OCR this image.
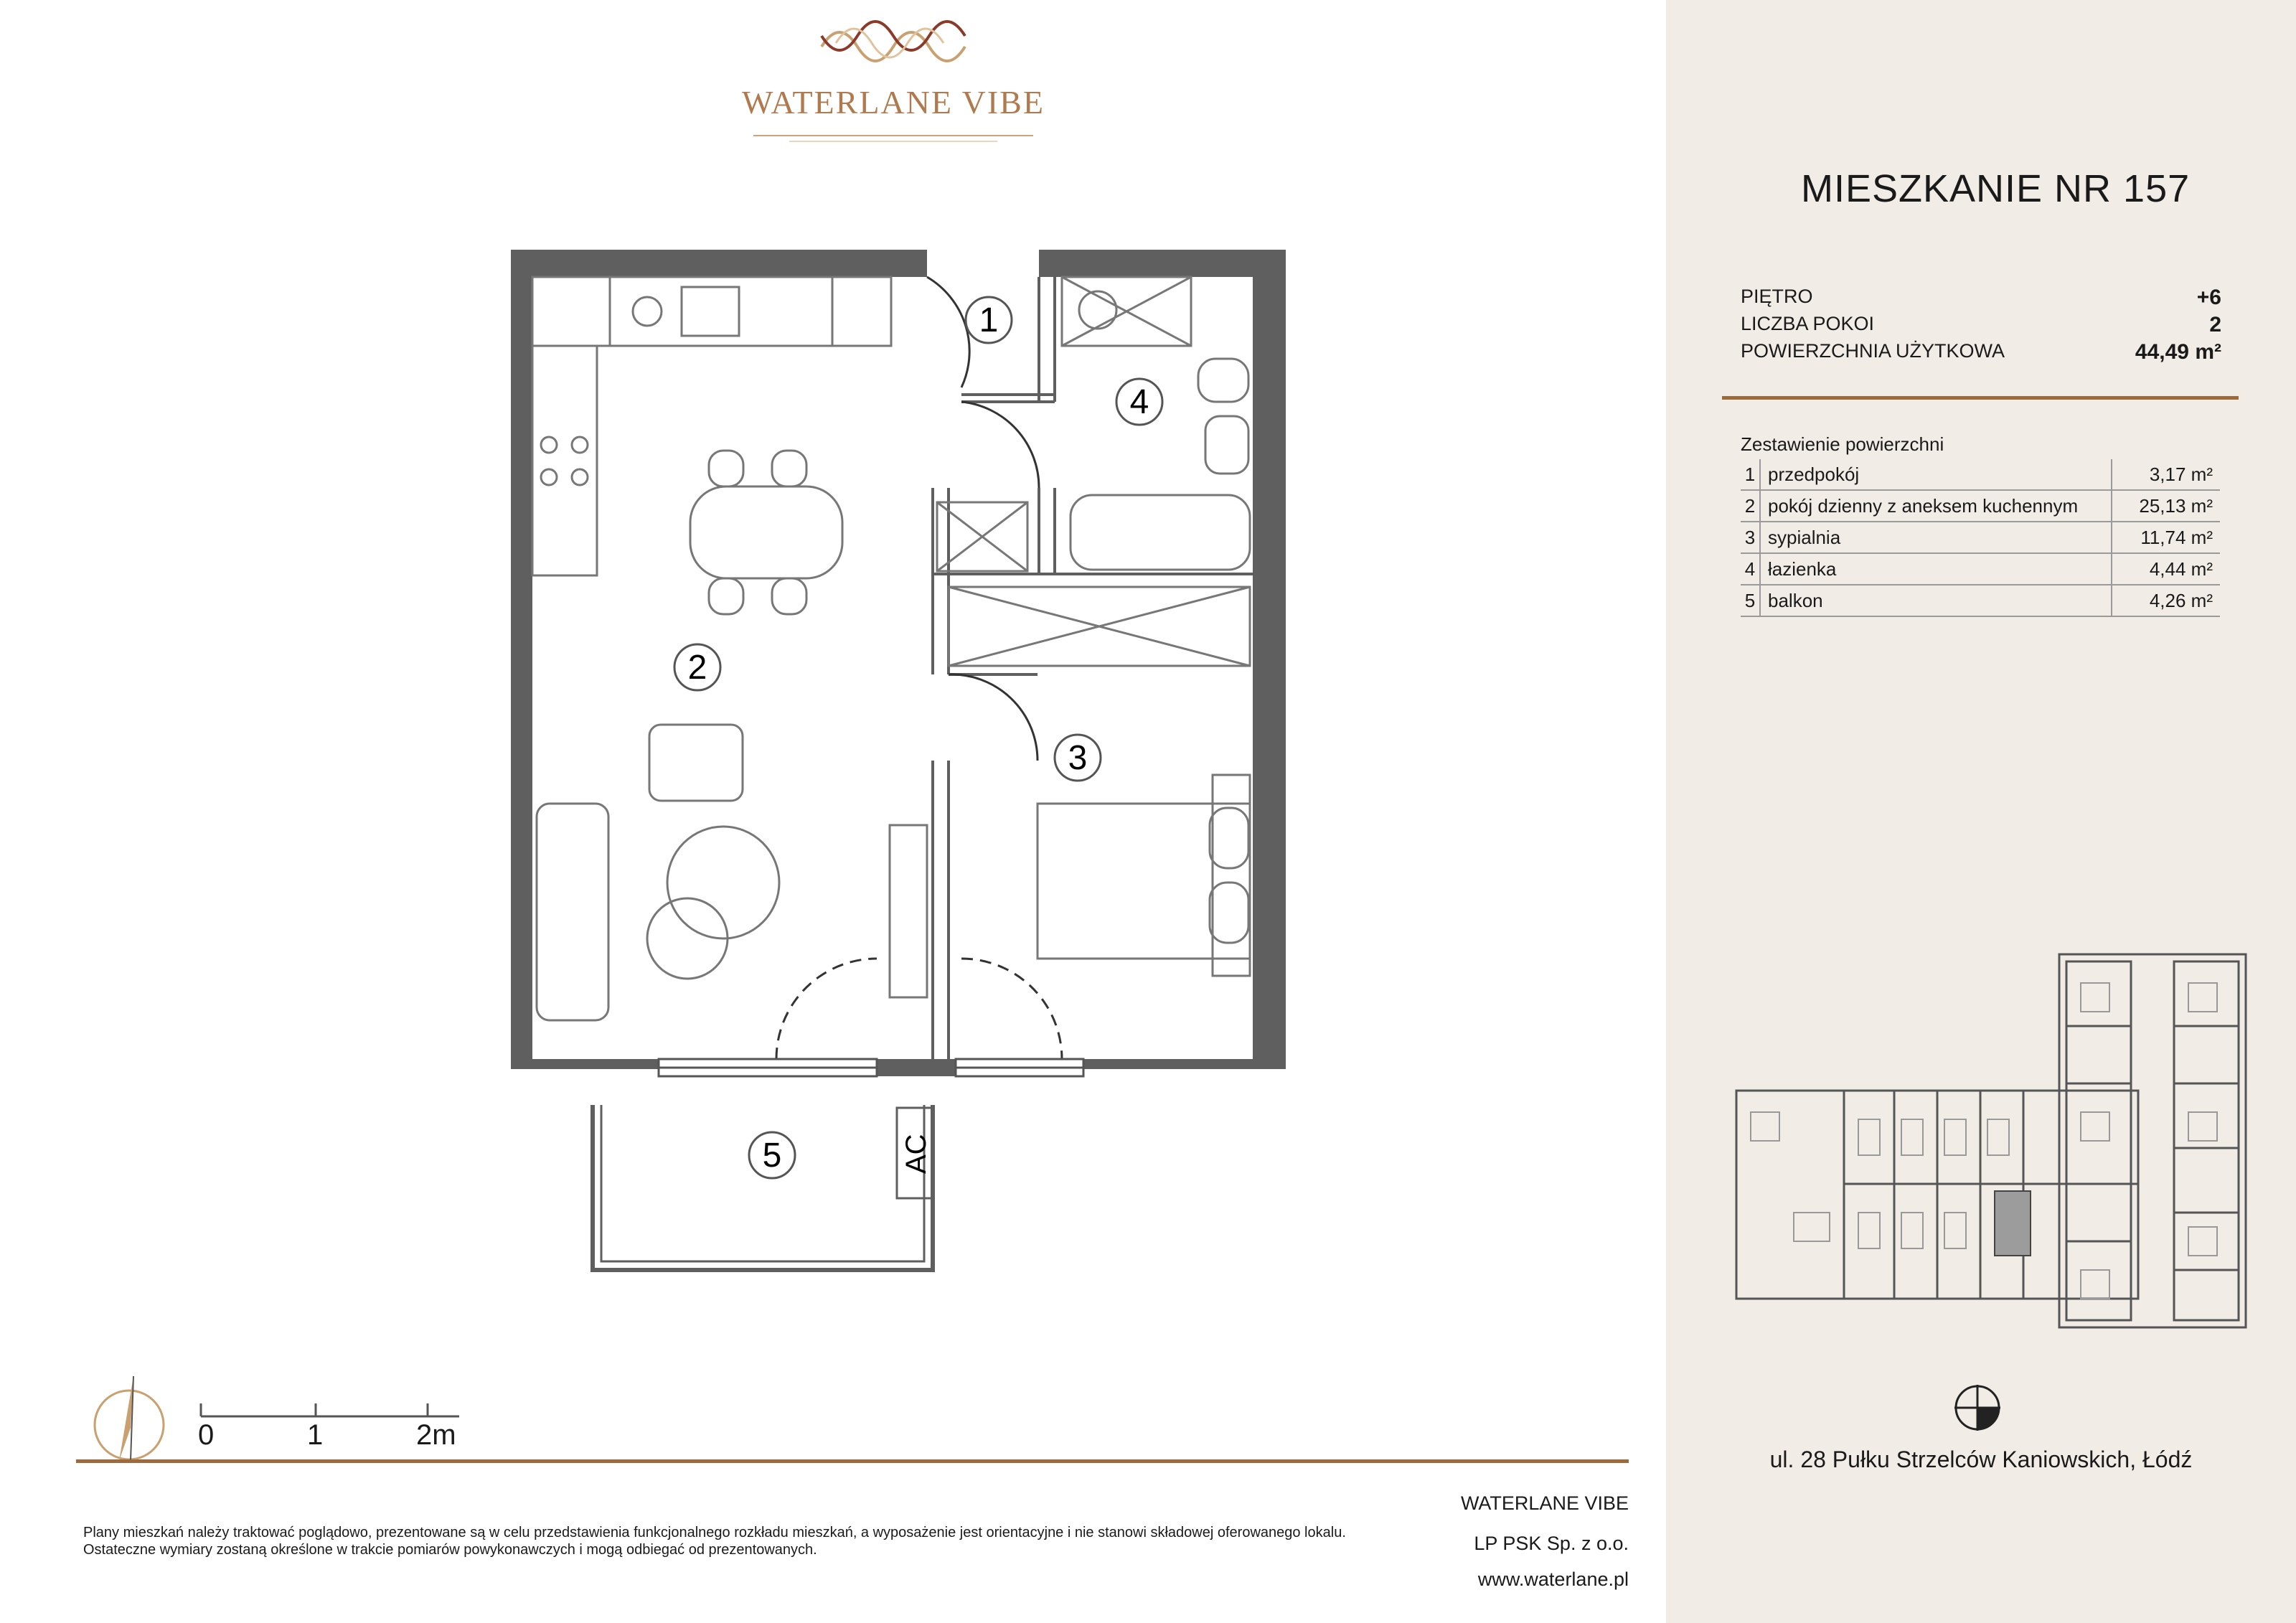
WATERLANE VIBE
MIESZKANIE NR 157
PIĘTRO	+6
LICZBA POKOI	2
POWIERZCHNIA UŻYTKOWA	44,49 m²
Zestawienie powierzchni
1	przedpokój	3,17 m²
2	pokój dzienny z aneksem kuchennym	25,13 m²
3	sypialnia	11,74 m²
4	łazienka	4,44 m²
5	balkon	4,26 m²
1
2
3
4
5	AC
0	1	2m
ul. 28 Pułku Strzelców Kaniowskich, Łódź
Plany mieszkań należy traktować poglądowo, prezentowane są w celu przedstawienia funkcjonalnego rozkładu mieszkań, a wyposażenie jest orientacyjne i nie stanowi składowej oferowanego lokalu.
Ostateczne wymiary zostaną określone w trakcie pomiarów powykonawczych i mogą odbiegać od prezentowanych.
WATERLANE VIBE
LP PSK Sp. z o.o.
www.waterlane.pl
